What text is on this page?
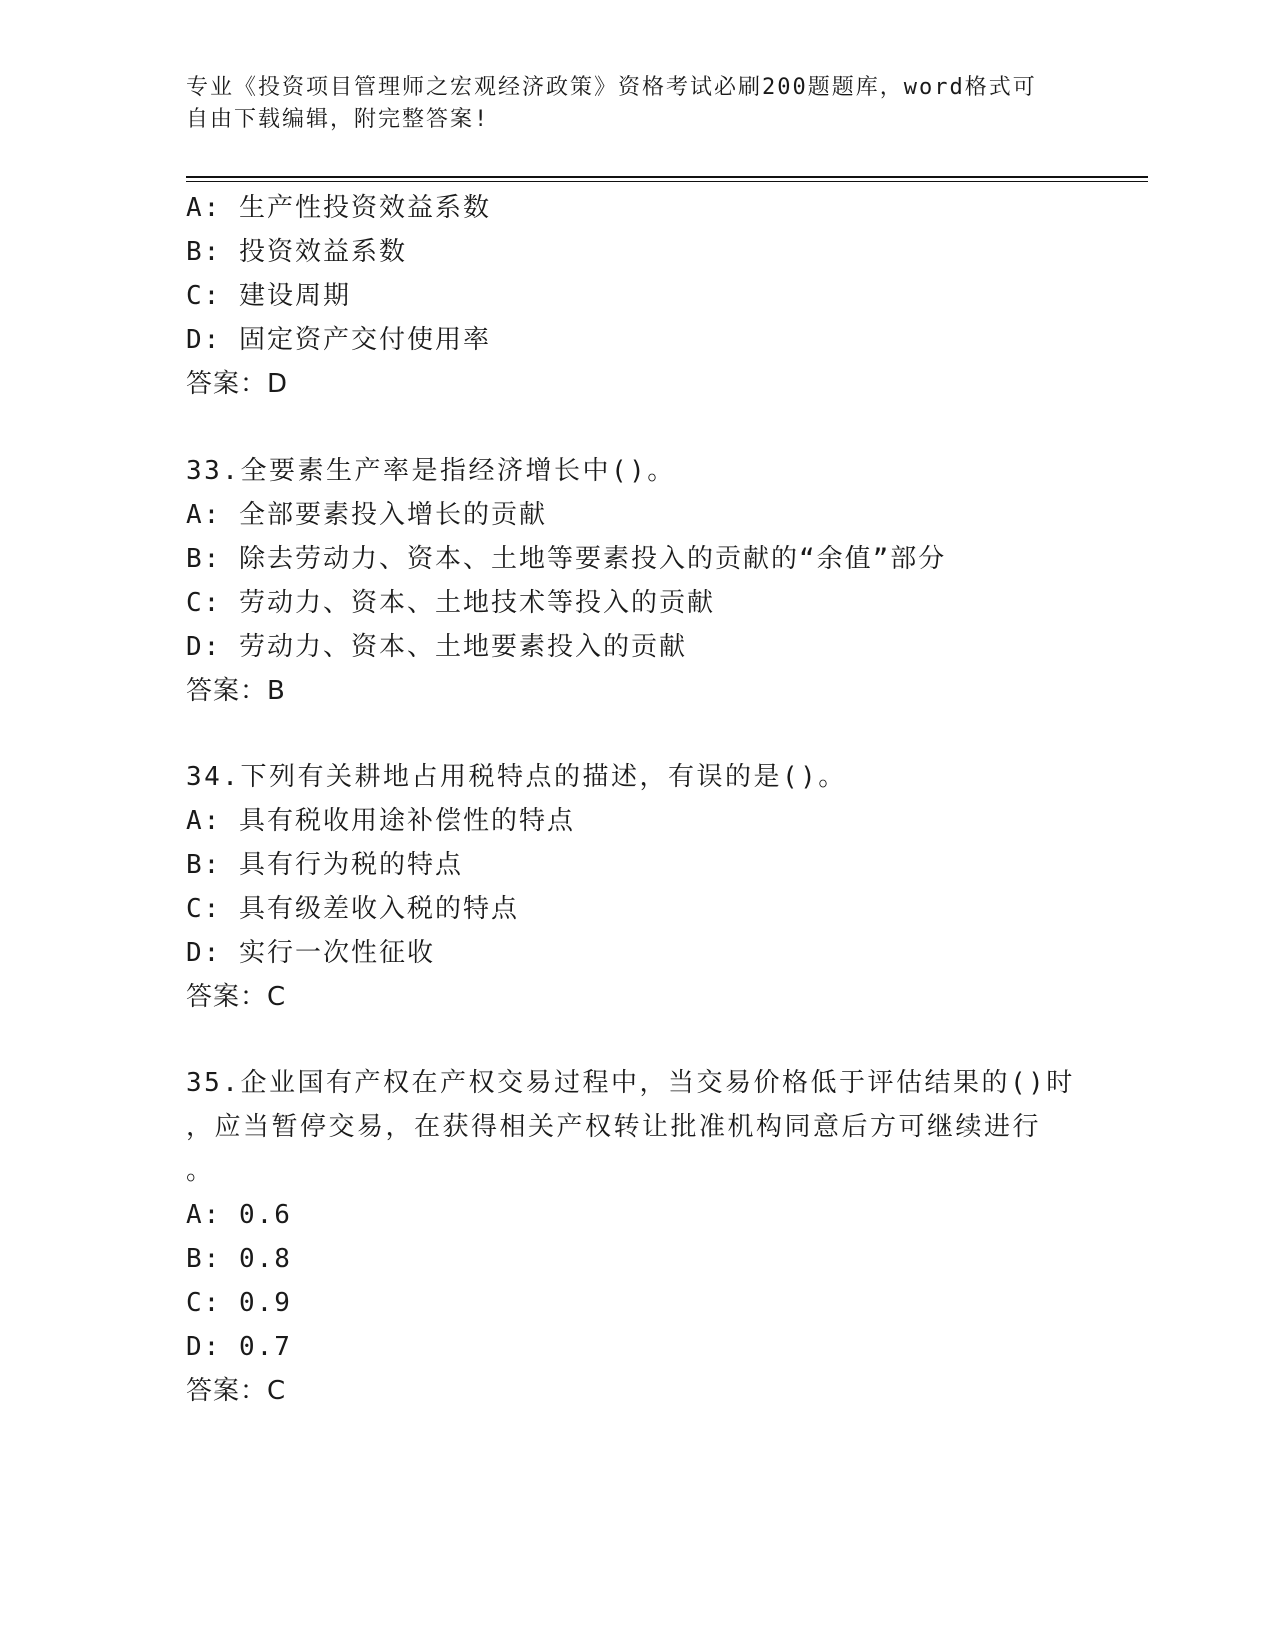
专业《投资项目管理师之宏观经济政策》资格考试必刷200题题库，word格式可
自由下载编辑，附完整答案!
A: 生产性投资效益系数
B: 投资效益系数
C: 建设周期
D: 固定资产交付使用率
答案：D
33.全要素生产率是指经济增长中()。
A: 全部要素投入增长的贡献
B: 除去劳动力、资本、土地等要素投入的贡献的“余值”部分
C: 劳动力、资本、土地技术等投入的贡献
D: 劳动力、资本、土地要素投入的贡献
答案：B
34.下列有关耕地占用税特点的描述，有误的是()。
A: 具有税收用途补偿性的特点
B: 具有行为税的特点
C: 具有级差收入税的特点
D: 实行一次性征收
答案：C
35.企业国有产权在产权交易过程中，当交易价格低于评估结果的()时
，应当暂停交易，在获得相关产权转让批准机构同意后方可继续进行
。
A: 0.6
B: 0.8
C: 0.9
D: 0.7
答案：C
